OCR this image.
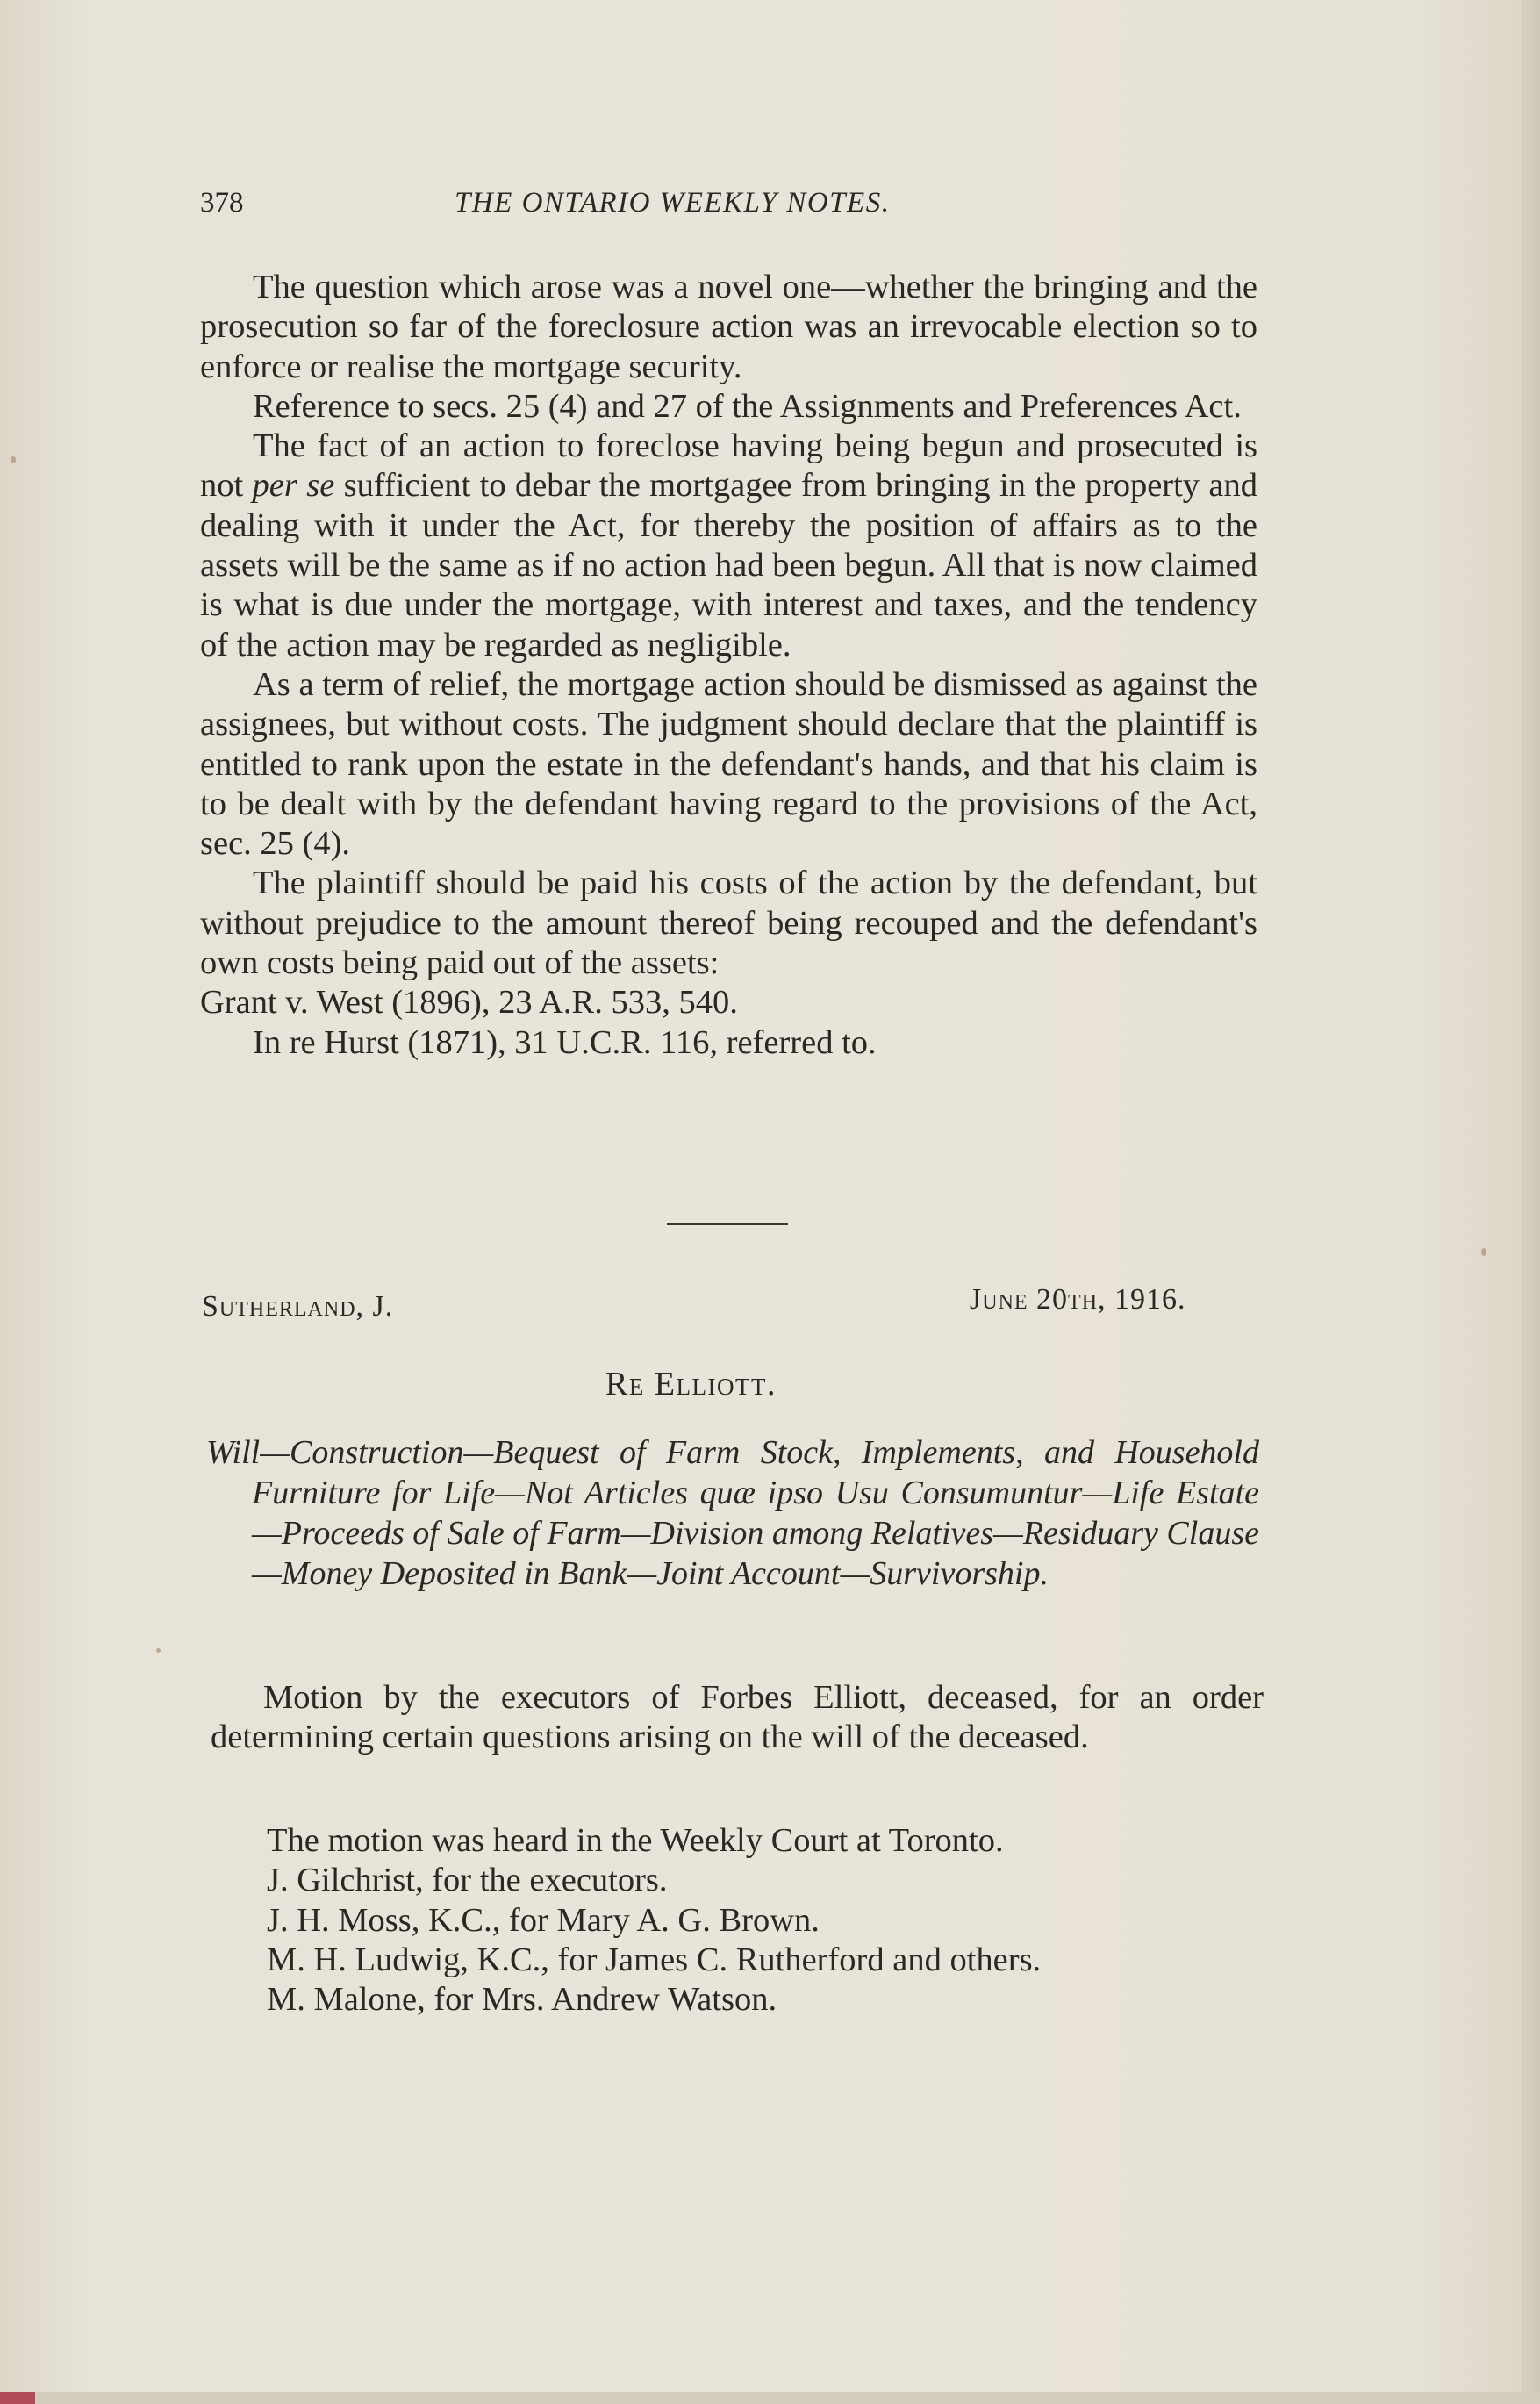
378	THE ONTARIO WEEKLY NOTES.

The question which arose was a novel one—whether the bringing and the prosecution so far of the foreclosure action was an irrevocable election so to enforce or realise the mortgage security.

Reference to secs. 25 (4) and 27 of the Assignments and Preferences Act.

The fact of an action to foreclose having being begun and prosecuted is not per se sufficient to debar the mortgagee from bringing in the property and dealing with it under the Act, for thereby the position of affairs as to the assets will be the same as if no action had been begun. All that is now claimed is what is due under the mortgage, with interest and taxes, and the tendency of the action may be regarded as negligible.

As a term of relief, the mortgage action should be dismissed as against the assignees, but without costs. The judgment should declare that the plaintiff is entitled to rank upon the estate in the defendant's hands, and that his claim is to be dealt with by the defendant having regard to the provisions of the Act, sec. 25 (4).

The plaintiff should be paid his costs of the action by the defendant, but without prejudice to the amount thereof being recouped and the defendant's own costs being paid out of the assets:

Grant v. West (1896), 23 A.R. 533, 540.

In re Hurst (1871), 31 U.C.R. 116, referred to.

Sutherland, J.	June 20th, 1916.
Re Elliott.
Will—Construction—Bequest of Farm Stock, Implements, and Household Furniture for Life—Not Articles quæ ipso Usu Consumuntur—Life Estate—Proceeds of Sale of Farm—Division among Relatives—Residuary Clause—Money Deposited in Bank—Joint Account—Survivorship.

Motion by the executors of Forbes Elliott, deceased, for an order determining certain questions arising on the will of the deceased.

The motion was heard in the Weekly Court at Toronto.

J. Gilchrist, for the executors.

J. H. Moss, K.C., for Mary A. G. Brown.

M. H. Ludwig, K.C., for James C. Rutherford and others.

M. Malone, for Mrs. Andrew Watson.
